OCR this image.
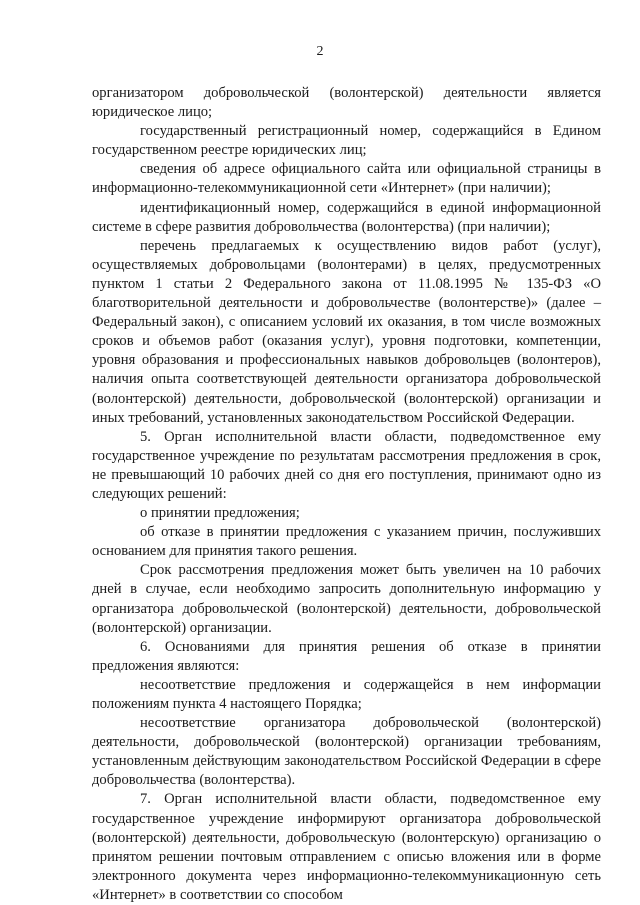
2

организатором добровольческой (волонтерской) деятельности является юридическое лицо;

государственный регистрационный номер, содержащийся в Едином государственном реестре юридических лиц;

сведения об адресе официального сайта или официальной страницы в информационно-телекоммуникационной сети «Интернет» (при наличии);

идентификационный номер, содержащийся в единой информационной системе в сфере развития добровольчества (волонтерства) (при наличии);

перечень предлагаемых к осуществлению видов работ (услуг), осуществляемых добровольцами (волонтерами) в целях, предусмотренных пунктом 1 статьи 2 Федерального закона от 11.08.1995 № 135-ФЗ «О благотворительной деятельности и добровольчестве (волонтерстве)» (далее – Федеральный закон), с описанием условий их оказания, в том числе возможных сроков и объемов работ (оказания услуг), уровня подготовки, компетенции, уровня образования и профессиональных навыков добровольцев (волонтеров), наличия опыта соответствующей деятельности организатора добровольческой (волонтерской) деятельности, добровольческой (волонтерской) организации и иных требований, установленных законодательством Российской Федерации.

5. Орган исполнительной власти области, подведомственное ему государственное учреждение по результатам рассмотрения предложения в срок, не превышающий 10 рабочих дней со дня его поступления, принимают одно из следующих решений:

о принятии предложения;

об отказе в принятии предложения с указанием причин, послуживших основанием для принятия такого решения.

Срок рассмотрения предложения может быть увеличен на 10 рабочих дней в случае, если необходимо запросить дополнительную информацию у организатора добровольческой (волонтерской) деятельности, добровольческой (волонтерской) организации.

6. Основаниями для принятия решения об отказе в принятии предложения являются:

несоответствие предложения и содержащейся в нем информации положениям пункта 4 настоящего Порядка;

несоответствие организатора добровольческой (волонтерской) деятельности, добровольческой (волонтерской) организации требованиям, установленным действующим законодательством Российской Федерации в сфере добровольчества (волонтерства).

7. Орган исполнительной власти области, подведомственное ему государственное учреждение информируют организатора добровольческой (волонтерской) деятельности, добровольческую (волонтерскую) организацию о принятом решении почтовым отправлением с описью вложения или в форме электронного документа через информационно-телекоммуникационную сеть «Интернет» в соответствии со способом
